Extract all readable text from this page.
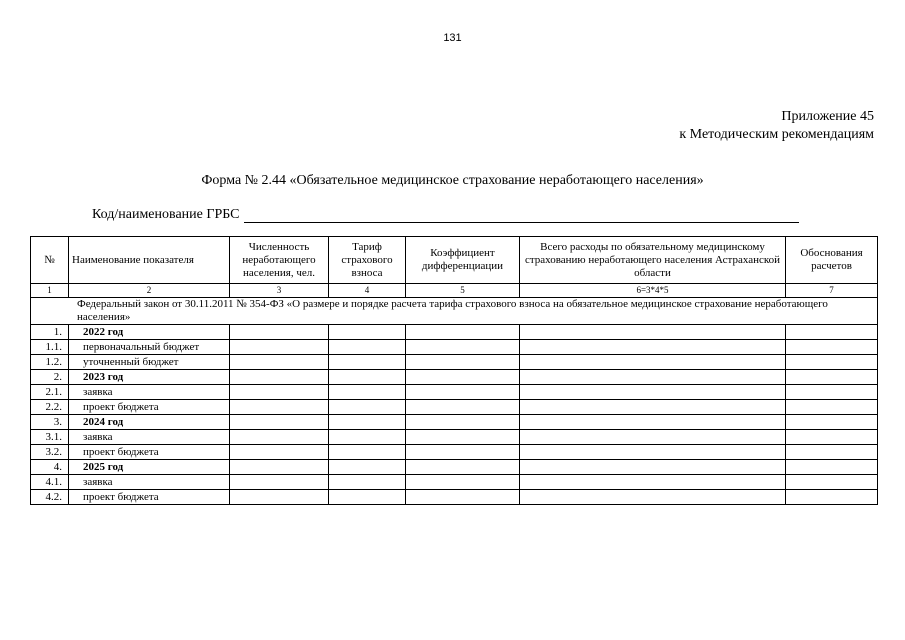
131
Приложение 45
к Методическим рекомендациям
Форма № 2.44 «Обязательное медицинское страхование неработающего населения»
Код/наименование ГРБС
№	Наименование показателя	Численность неработающего населения, чел.	Тариф страхового взноса	Коэффициент дифференциации	Всего расходы по обязательному медицинскому страхованию неработающего населения Астраханской области	Обоснования расчетов
1	2	3	4	5	6=3*4*5	7
Федеральный закон от 30.11.2011 № 354-ФЗ «О размере и порядке расчета тарифа страхового взноса на обязательное медицинское страхование неработающего населения»						
1.	2022 год					
1.1.	первоначальный бюджет					
1.2.	уточненный бюджет					
2.	2023 год					
2.1.	заявка					
2.2.	проект бюджета					
3.	2024 год					
3.1.	заявка					
3.2.	проект бюджета					
4.	2025 год					
4.1.	заявка					
4.2.	проект бюджета					
